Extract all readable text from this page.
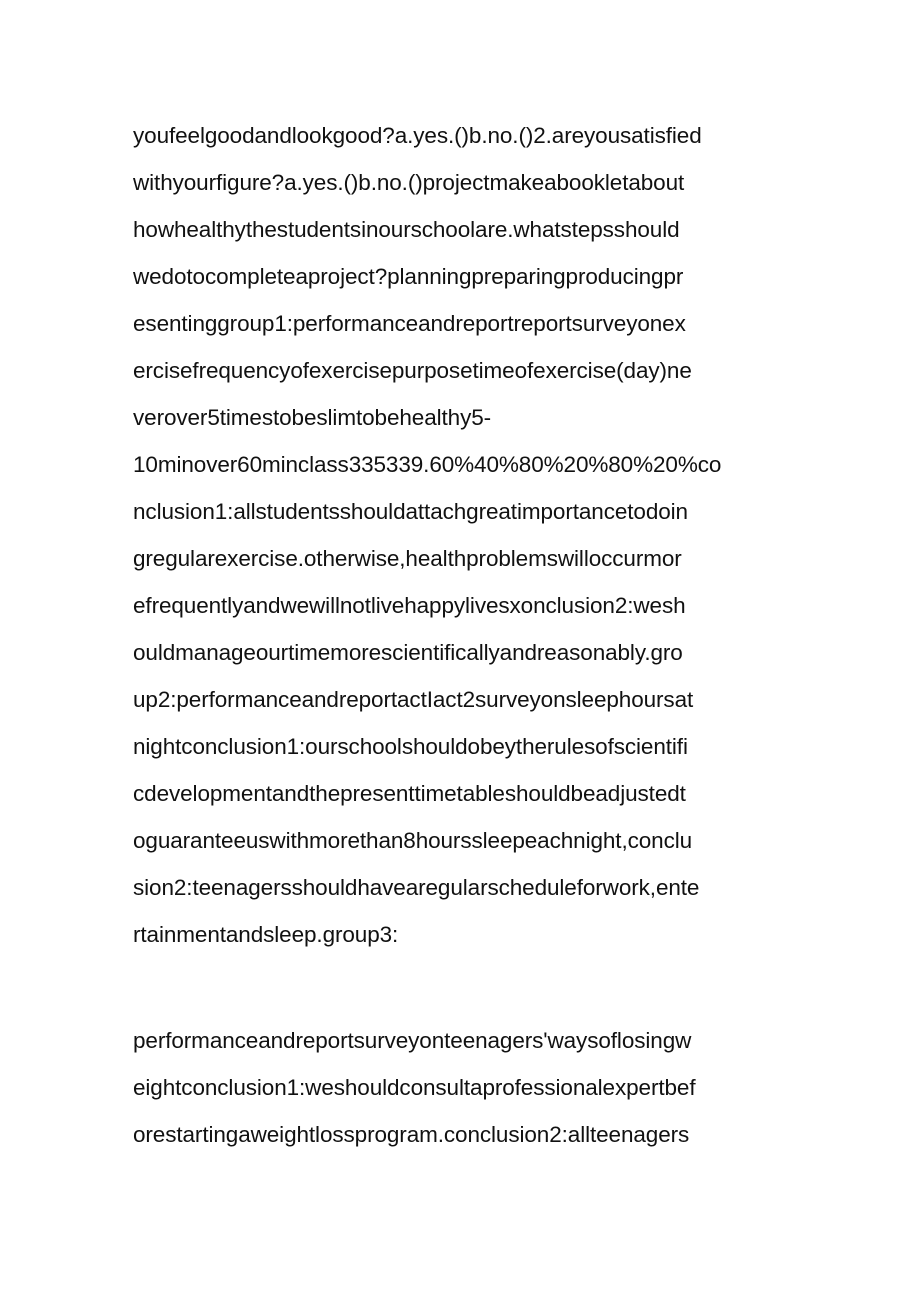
youfeelgoodandlookgood?a.yes.()b.no.()2.areyousatisfied
withyourfigure?a.yes.()b.no.()projectmakeabookletabout
howhealthythestudentsinourschoolare.whatstepsshould
wedotocompleteaproject?planningpreparingproducingpr
esentinggroup1:performanceandreportreportsurveyonex
ercisefrequencyofexercisepurposetimeofexercise(day)ne
verover5timestobeslimtobehealthy5-
10minover60minclass335339.60%40%80%20%80%20%co
nclusion1:allstudentsshouldattachgreatimportancetodoin
gregularexercise.otherwise,healthproblemswilloccurmor
efrequentlyandwewillnotlivehappylivesxonclusion2:wesh
ouldmanageourtimemorescientificallyandreasonably.gro
up2:performanceandreportactIact2surveyonsleephoursat
nightconclusion1:ourschoolshouldobeytherulesofscientifi
cdevelopmentandthepresenttimetableshouldbeadjustedt
oguaranteeuswithmorethan8hourssleepeachnight,conclu
sion2:teenagersshouldhavearegularscheduleforwork,ente
rtainmentandsleep.group3:
performanceandreportsurveyonteenagers'waysoflosingw
eightconclusion1:weshouldconsultaprofessionalexpertbef
orestartingaweightlossprogram.conclusion2:allteenagers
